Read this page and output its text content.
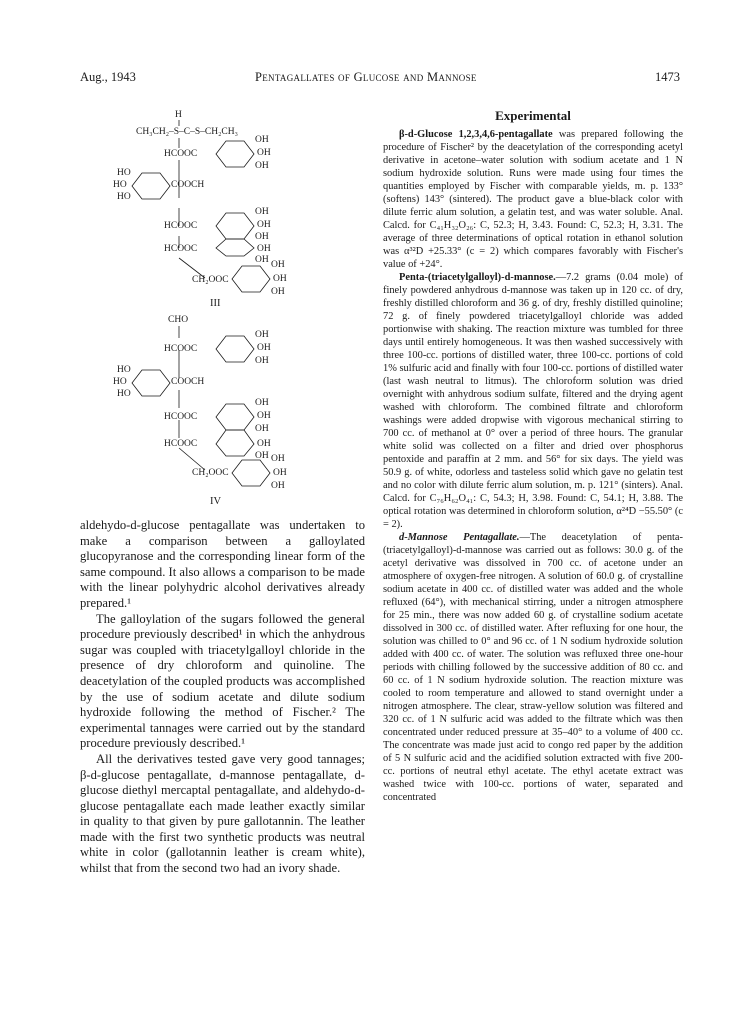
Aug., 1943	Pentagallates of Glucose and Mannose	1473
H
CH₃CH₂–S–C–S–CH₂CH₃
HCOOC
OH
OH
OH
HO
HO
HO
COOCH
HCOOC
OH
OH
OH
HCOOC	OH
OH
CH₂OOC
OH
OH
OH
III
CHO
HCOOC
OH
OH
OH
HO
HO
HO
COOCH
HCOOC
OH
OH
OH
HCOOC	OH
OH
CH₂OOC
OH
OH
OH
IV

aldehydo-d-glucose pentagallate was undertaken to make a comparison between a galloylated glucopyranose and the corresponding linear form of the same compound. It also allows a comparison to be made with the linear polyhydric alcohol derivatives already prepared.¹

The galloylation of the sugars followed the general procedure previously described¹ in which the anhydrous sugar was coupled with triacetylgalloyl chloride in the presence of dry chloroform and quinoline. The deacetylation of the coupled products was accomplished by the use of sodium acetate and dilute sodium hydroxide following the method of Fischer.² The experimental tannages were carried out by the standard procedure previously described.¹

All the derivatives tested gave very good tannages; β-d-glucose pentagallate, d-mannose pentagallate, d-glucose diethyl mercaptal pentagallate, and aldehydo-d-glucose pentagallate each made leather exactly similar in quality to that given by pure gallotannin. The leather made with the first two synthetic products was neutral white in color (gallotannin leather is cream white), whilst that from the second two had an ivory shade.

Experimental

β-d-Glucose 1,2,3,4,6-pentagallate was prepared following the procedure of Fischer² by the deacetylation of the corresponding acetyl derivative in acetone–water solution with sodium acetate and 1 N sodium hydroxide solution. Runs were made using four times the quantities employed by Fischer with comparable yields, m. p. 133° (softens) 143° (sintered). The product gave a blue-black color with dilute ferric alum solution, a gelatin test, and was water soluble. Anal. Calcd. for C₄₁H₃₂O₂₆: C, 52.3; H, 3.43. Found: C, 52.3; H, 3.31. The average of three determinations of optical rotation in ethanol solution was α³²D +25.33° (c = 2) which compares favorably with Fischer's value of +24°.

Penta-(triacetylgalloyl)-d-mannose.—7.2 grams (0.04 mole) of finely powdered anhydrous d-mannose was taken up in 120 cc. of dry, freshly distilled chloroform and 36 g. of dry, freshly distilled quinoline; 72 g. of finely powdered triacetylgalloyl chloride was added portionwise with shaking. The reaction mixture was tumbled for three days until entirely homogeneous. It was then washed successively with three 100-cc. portions of distilled water, three 100-cc. portions of cold 1% sulfuric acid and finally with four 100-cc. portions of distilled water (last wash neutral to litmus). The chloroform solution was dried overnight with anhydrous sodium sulfate, filtered and the drying agent washed with chloroform. The combined filtrate and chloroform washings were added dropwise with vigorous mechanical stirring to 700 cc. of methanol at 0° over a period of three hours. The granular white solid was collected on a filter and dried over phosphorus pentoxide and paraffin at 2 mm. and 56° for six days. The yield was 50.9 g. of white, odorless and tasteless solid which gave no gelatin test and no color with dilute ferric alum solution, m. p. 121° (sinters). Anal. Calcd. for C₇₆H₆₂O₄₁: C, 54.3; H, 3.98. Found: C, 54.1; H, 3.88. The optical rotation was determined in chloroform solution, α²⁴D −55.50° (c = 2).

d-Mannose Pentagallate.—The deacetylation of penta-(triacetylgalloyl)-d-mannose was carried out as follows: 30.0 g. of the acetyl derivative was dissolved in 700 cc. of acetone under an atmosphere of oxygen-free nitrogen. A solution of 60.0 g. of crystalline sodium acetate in 400 cc. of distilled water was added and the whole refluxed (64°), with mechanical stirring, under a nitrogen atmosphere for 25 min., there was now added 60 g. of crystalline sodium acetate dissolved in 300 cc. of distilled water. After refluxing for one hour, the solution was chilled to 0° and 96 cc. of 1 N sodium hydroxide solution added with 400 cc. of water. The solution was refluxed three one-hour periods with chilling followed by the successive addition of 80 cc. and 60 cc. of 1 N sodium hydroxide solution. The reaction mixture was cooled to room temperature and allowed to stand overnight under a nitrogen atmosphere. The clear, straw-yellow solution was filtered and 320 cc. of 1 N sulfuric acid was added to the filtrate which was then concentrated under reduced pressure at 35–40° to a volume of 400 cc. The concentrate was made just acid to congo red paper by the addition of 5 N sulfuric acid and the acidified solution extracted with five 200-cc. portions of neutral ethyl acetate. The ethyl acetate extract was washed twice with 100-cc. portions of water, separated and concentrated
